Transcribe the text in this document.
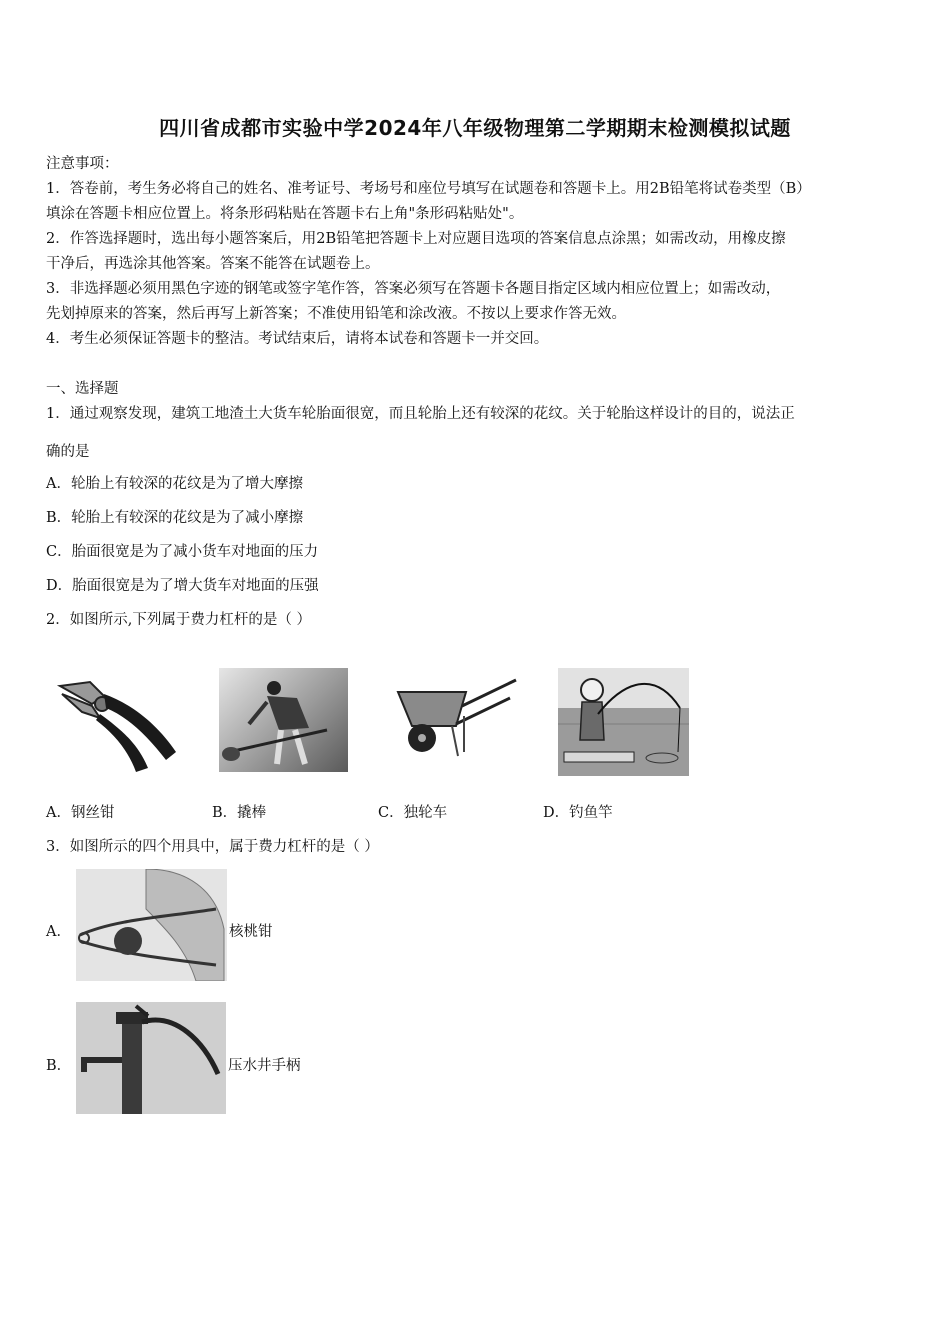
四川省成都市实验中学2024年八年级物理第二学期期末检测模拟试题
注意事项：
1．答卷前，考生务必将自己的姓名、准考证号、考场号和座位号填写在试题卷和答题卡上。用2B铅笔将试卷类型（B）
填涂在答题卡相应位置上。将条形码粘贴在答题卡右上角"条形码粘贴处"。
2．作答选择题时，选出每小题答案后，用2B铅笔把答题卡上对应题目选项的答案信息点涂黑；如需改动，用橡皮擦
干净后，再选涂其他答案。答案不能答在试题卷上。
3．非选择题必须用黑色字迹的钢笔或签字笔作答，答案必须写在答题卡各题目指定区域内相应位置上；如需改动，
先划掉原来的答案，然后再写上新答案；不准使用铅笔和涂改液。不按以上要求作答无效。
4．考生必须保证答题卡的整洁。考试结束后，请将本试卷和答题卡一并交回。
一、选择题
1．通过观察发现，建筑工地渣土大货车轮胎面很宽，而且轮胎上还有较深的花纹。关于轮胎这样设计的目的，说法正
确的是
A．轮胎上有较深的花纹是为了增大摩擦
B．轮胎上有较深的花纹是为了减小摩擦
C．胎面很宽是为了减小货车对地面的压力
D．胎面很宽是为了增大货车对地面的压强
2．如图所示,下列属于费力杠杆的是（ ）
A．钢丝钳	B．撬棒	C．独轮车	D．钓鱼竿
3．如图所示的四个用具中，属于费力杠杆的是（ ）
A．	核桃钳
B．	压水井手柄
